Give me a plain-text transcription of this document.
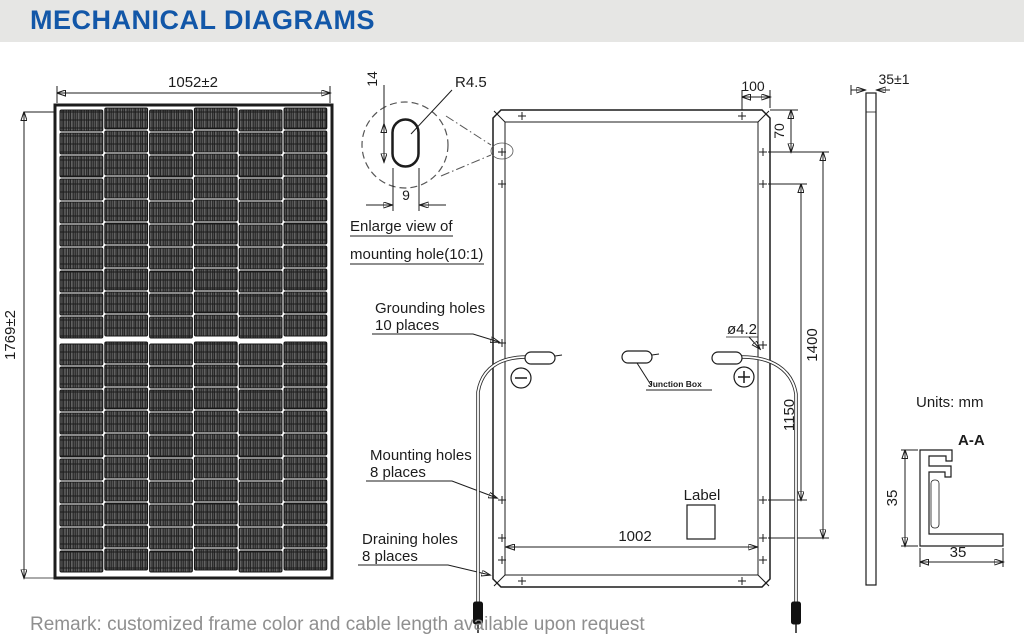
MECHANICAL DIAGRAMS
1052±2
1769±2
14	R4.5
9
Enlarge view of
mounting hole(10:1)
100
70
1150
1400
ø4.2
Grounding holes
10 places
Mounting holes
8 places
Draining holes
8 places
Junction Box
Label
1002
35±1
Units: mm
A-A
35
35
Remark: customized frame color and cable length available upon request
